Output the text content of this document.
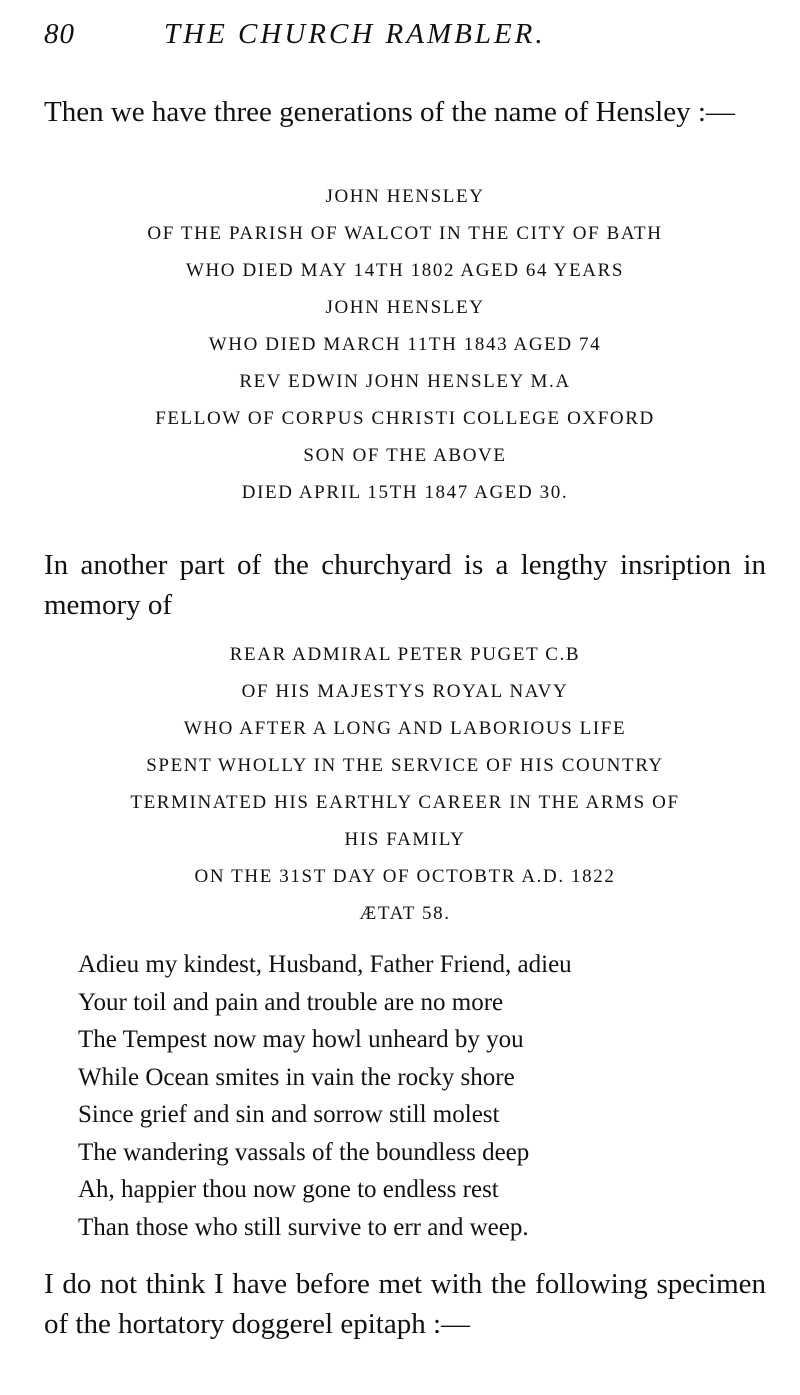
80	THE CHURCH RAMBLER.

Then we have three generations of the name of Hensley :—

JOHN HENSLEY
OF THE PARISH OF WALCOT IN THE CITY OF BATH
WHO DIED MAY 14TH 1802 AGED 64 YEARS
JOHN HENSLEY
WHO DIED MARCH 11TH 1843 AGED 74
REV EDWIN JOHN HENSLEY M.A
FELLOW OF CORPUS CHRISTI COLLEGE OXFORD
SON OF THE ABOVE
DIED APRIL 15TH 1847 AGED 30.

In another part of the churchyard is a lengthy insription in memory of

REAR ADMIRAL PETER PUGET C.B
OF HIS MAJESTYS ROYAL NAVY
WHO AFTER A LONG AND LABORIOUS LIFE
SPENT WHOLLY IN THE SERVICE OF HIS COUNTRY
TERMINATED HIS EARTHLY CAREER IN THE ARMS OF
HIS FAMILY
ON THE 31ST DAY OF OCTOBTR A.D. 1822
ÆTAT 58.
Adieu my kindest, Husband, Father Friend, adieu
Your toil and pain and trouble are no more
The Tempest now may howl unheard by you
While Ocean smites in vain the rocky shore
Since grief and sin and sorrow still molest
The wandering vassals of the boundless deep
Ah, happier thou now gone to endless rest
Than those who still survive to err and weep.

I do not think I have before met with the following specimen of the hortatory doggerel epitaph :—
